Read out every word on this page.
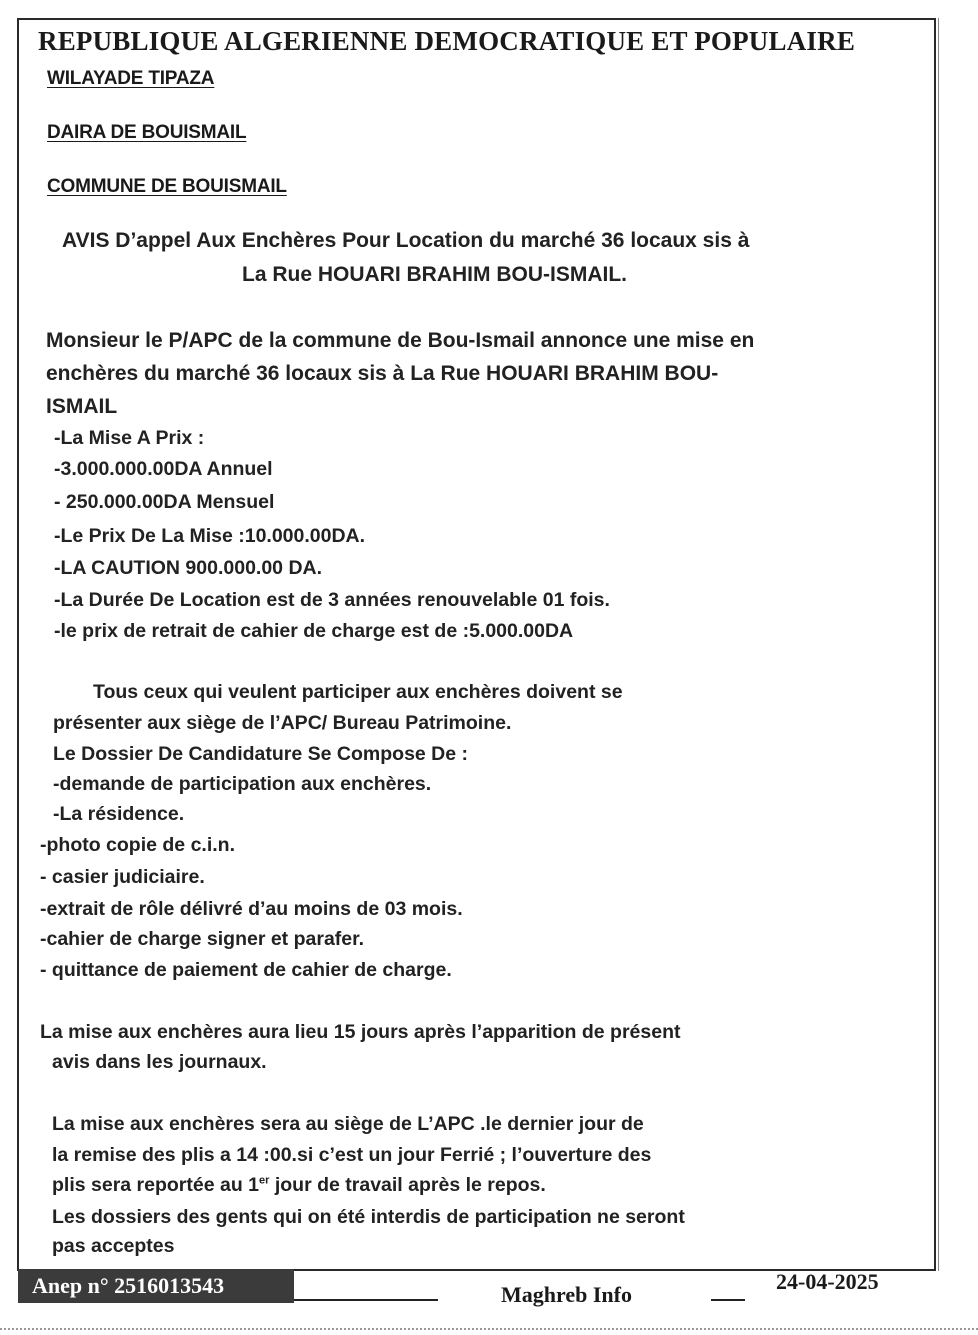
REPUBLIQUE ALGERIENNE DEMOCRATIQUE ET POPULAIRE
WILAYADE TIPAZA
DAIRA DE BOUISMAIL
COMMUNE DE BOUISMAIL
AVIS D’appel Aux Enchères Pour Location du marché 36 locaux sis à
La Rue HOUARI BRAHIM BOU-ISMAIL.
Monsieur le P/APC de la commune de Bou-Ismail annonce une mise en
enchères du marché 36 locaux sis à La Rue HOUARI BRAHIM BOU-
ISMAIL
-La Mise A Prix :
-3.000.000.00DA Annuel
- 250.000.00DA Mensuel
-Le Prix De La Mise :10.000.00DA.
-LA CAUTION 900.000.00 DA.
-La Durée De Location est de 3 années renouvelable 01 fois.
-le prix de retrait de cahier de charge est de :5.000.00DA
Tous ceux qui veulent participer aux enchères doivent se
présenter aux siège de l’APC/ Bureau Patrimoine.
Le Dossier De Candidature Se Compose De :
-demande de participation aux enchères.
-La résidence.
-photo copie de c.i.n.
- casier judiciaire.
-extrait de rôle délivré d’au moins de 03 mois.
-cahier de charge signer et parafer.
- quittance de paiement de cahier de charge.
La mise aux enchères aura lieu 15 jours après l’apparition de présent
avis dans les journaux.
La mise aux enchères sera au siège de L’APC .le dernier jour de
la remise des plis a 14 :00.si c’est un jour Ferrié ; l’ouverture des
plis sera reportée au 1er jour de travail après le repos.
Les dossiers des gents qui on été interdis de participation ne seront
pas acceptes
Anep n° 2516013543	Maghreb Info
24-04-2025
